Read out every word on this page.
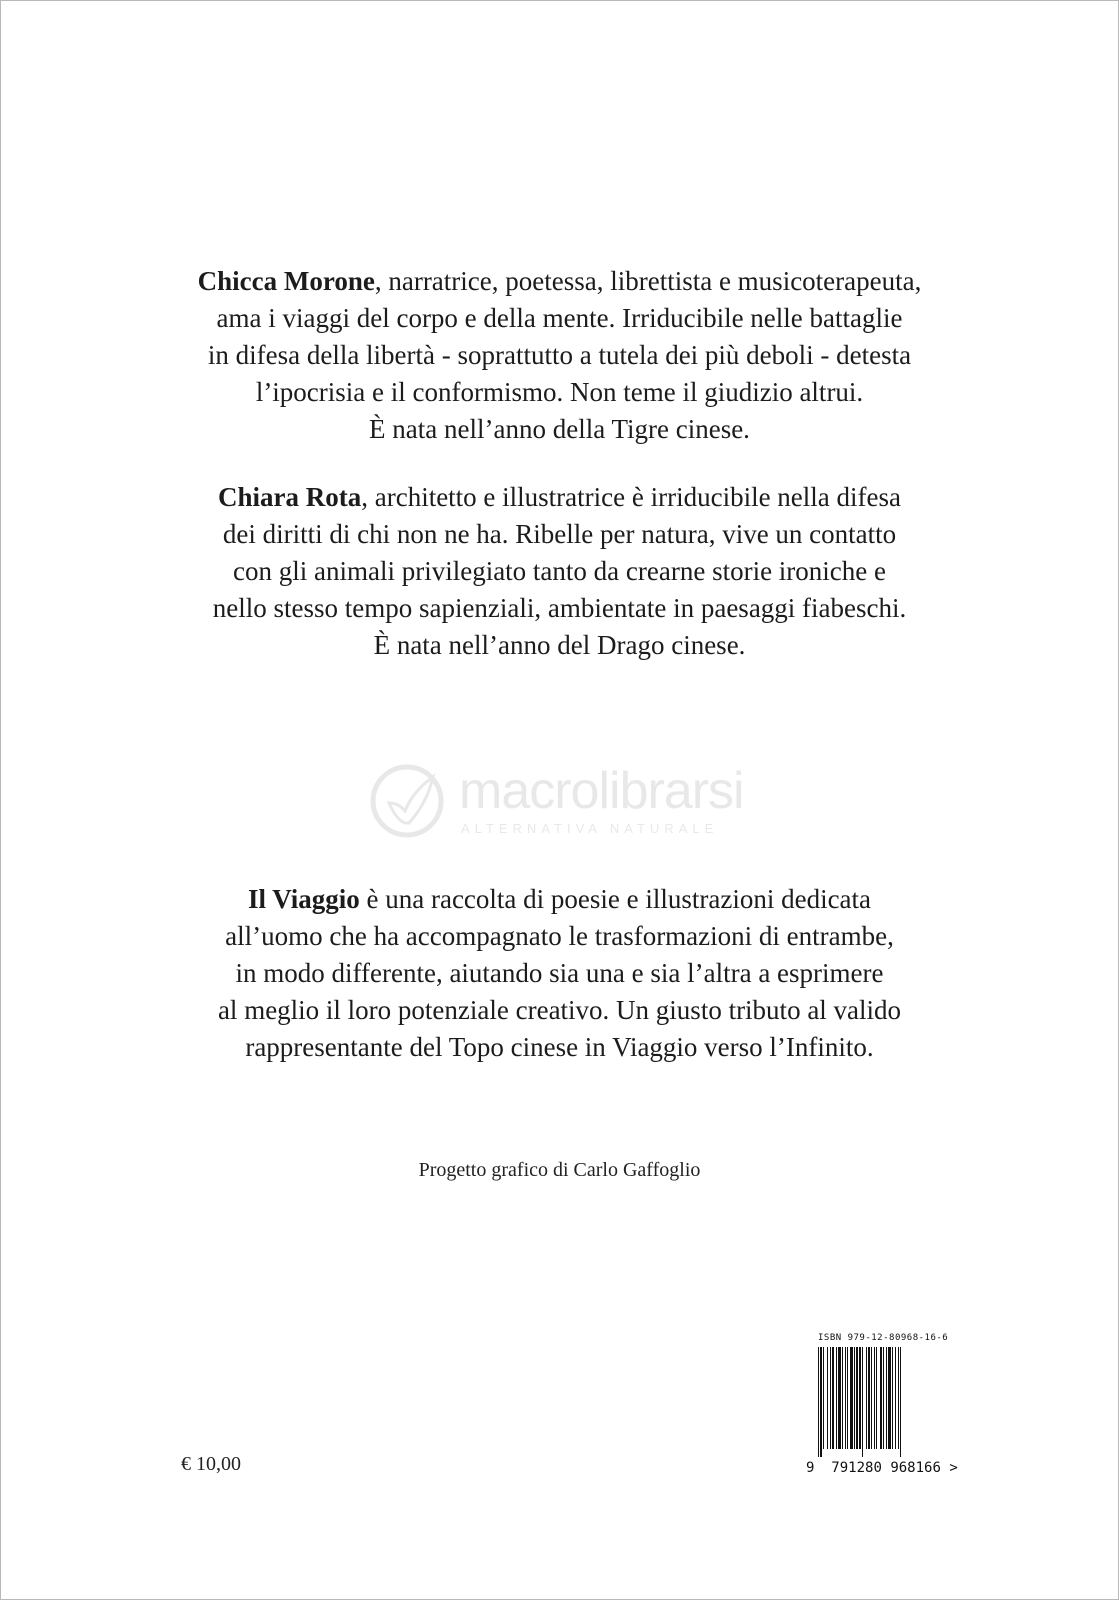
Chicca Morone, narratrice, poetessa, librettista e musicoterapeuta,
ama i viaggi del corpo e della mente. Irriducibile nelle battaglie
in difesa della libertà - soprattutto a tutela dei più deboli - detesta
l’ipocrisia e il conformismo. Non teme il giudizio altrui.
È nata nell’anno della Tigre cinese.
Chiara Rota, architetto e illustratrice è irriducibile nella difesa
dei diritti di chi non ne ha. Ribelle per natura, vive un contatto
con gli animali privilegiato tanto da crearne storie ironiche e
nello stesso tempo sapienziali, ambientate in paesaggi fiabeschi.
È nata nell’anno del Drago cinese.
macrolibrarsi
ALTERNATIVA NATURALE
Il Viaggio è una raccolta di poesie e illustrazioni dedicata
all’uomo che ha accompagnato le trasformazioni di entrambe,
in modo differente, aiutando sia una e sia l’altra a esprimere
al meglio il loro potenziale creativo. Un giusto tributo al valido
rappresentante del Topo cinese in Viaggio verso l’Infinito.
Progetto grafico di Carlo Gaffoglio
ISBN 979-12-80968-16-6
9 791280 968166 >
€ 10,00
